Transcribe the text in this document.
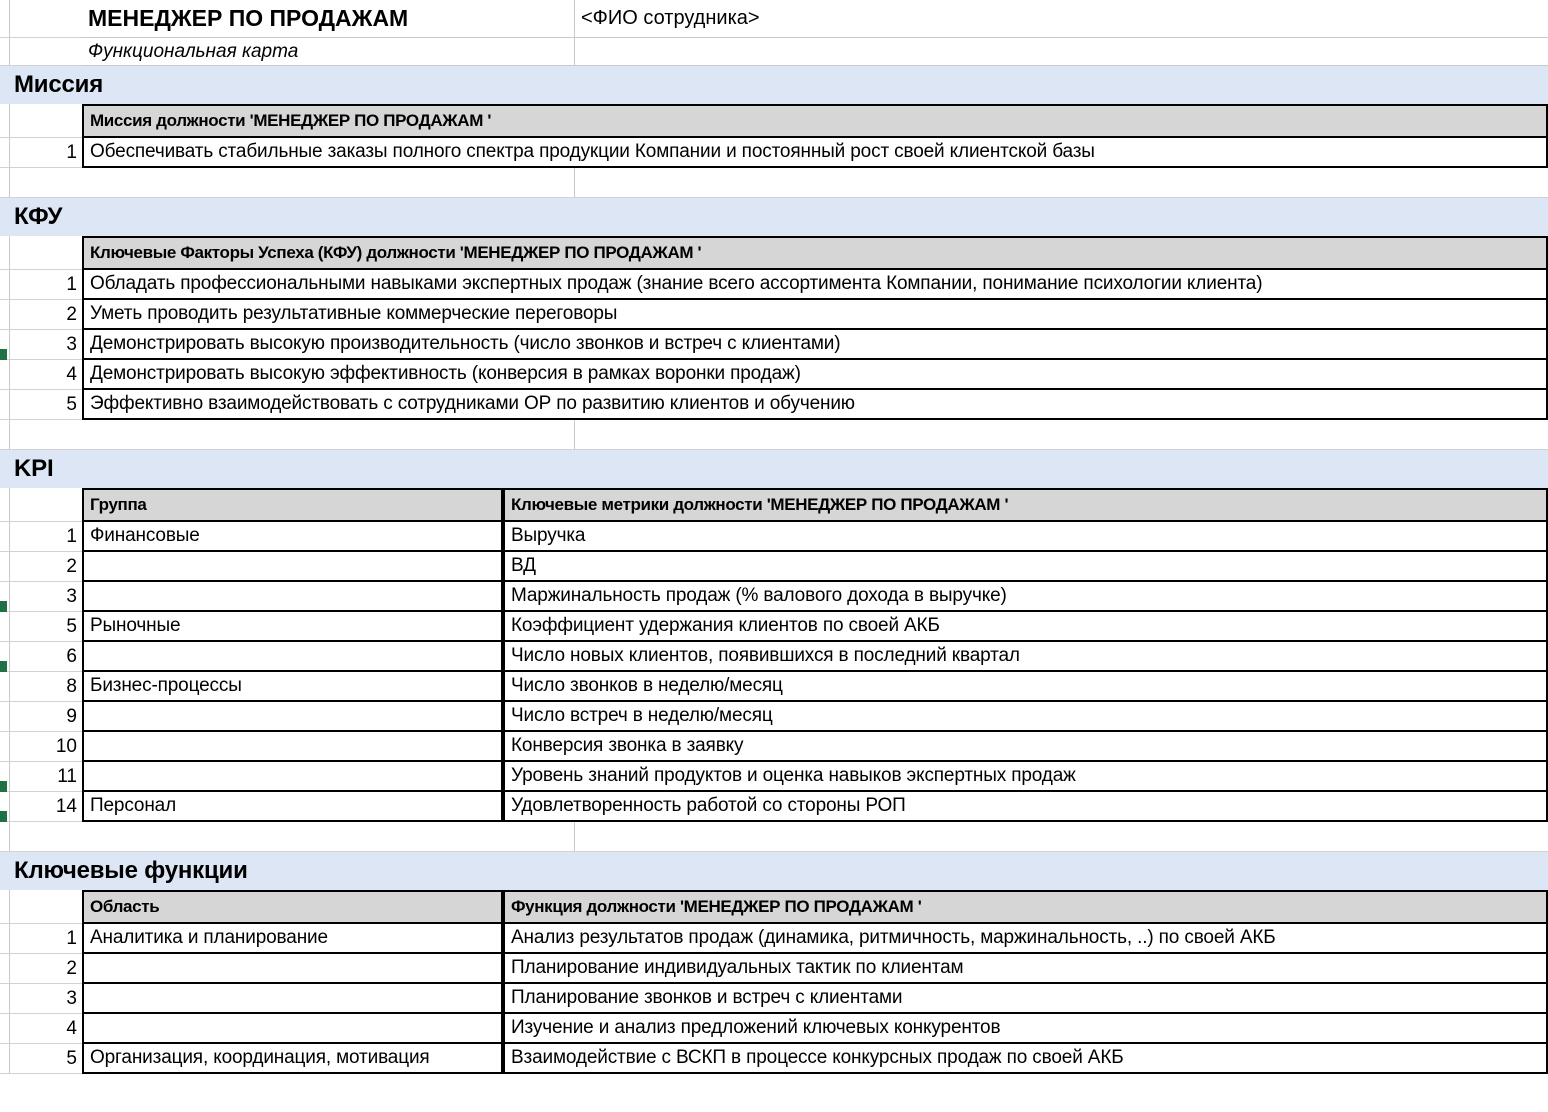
МЕНЕДЖЕР ПО ПРОДАЖАМ	<ФИО сотрудника>
Функциональная карта
Миссия
Миссия должности 'МЕНЕДЖЕР ПО ПРОДАЖАМ '
1 Обеспечивать стабильные заказы полного спектра продукции Компании и постоянный рост своей клиентской базы
КФУ
Ключевые Факторы Успеха (КФУ) должности 'МЕНЕДЖЕР ПО ПРОДАЖАМ '
1 Обладать профессиональными навыками экспертных продаж (знание всего ассортимента Компании, понимание психологии клиента)
2 Уметь проводить результативные коммерческие переговоры
3 Демонстрировать высокую производительность (число звонков и встреч с клиентами)
4 Демонстрировать высокую эффективность (конверсия в рамках воронки продаж)
5 Эффективно взаимодействовать с сотрудниками ОР по развитию клиентов и обучению
KPI
Группа	Ключевые метрики должности 'МЕНЕДЖЕР ПО ПРОДАЖАМ '
1 Финансовые	Выручка
2	ВД
3	Маржинальность продаж (% валового дохода в выручке)
5 Рыночные	Коэффициент удержания клиентов по своей АКБ
6	Число новых клиентов, появившихся в последний квартал
8 Бизнес-процессы	Число звонков в неделю/месяц
9	Число встреч в неделю/месяц
10	Конверсия звонка в заявку
11	Уровень знаний продуктов и оценка навыков экспертных продаж
14 Персонал	Удовлетворенность работой со стороны РОП
Ключевые функции
Область	Функция должности 'МЕНЕДЖЕР ПО ПРОДАЖАМ '
1 Аналитика и планирование	Анализ результатов продаж (динамика, ритмичность, маржинальность, ..) по своей АКБ
2	Планирование индивидуальных тактик по клиентам
3	Планирование звонков и встреч с клиентами
4	Изучение и анализ предложений ключевых конкурентов
5 Организация, координация, мотивация	Взаимодействие с ВСКП в процессе конкурсных продаж по своей АКБ
